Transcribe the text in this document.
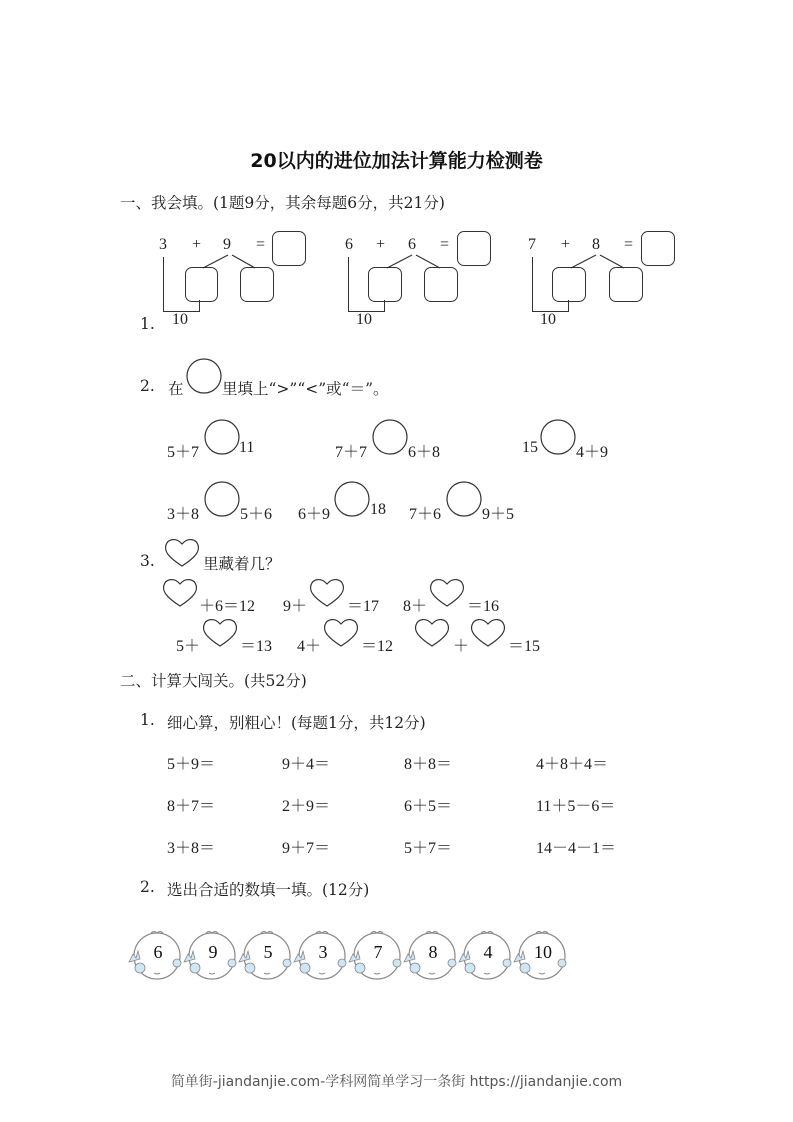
20以内的进位加法计算能力检测卷
一、我会填。(1题9分，其余每题6分，共21分)
1.
3 + 9 =
10
6 + 6 =
10
7 + 8 =
10
2. 在 里填上“>”“<”或“＝”。
5＋7 11	7＋7	6＋8	15 4＋9
3＋8	5＋6 6＋9 18 7＋6	9＋5
3.	里藏着几？
＋6＝12 9＋ ＝17 8＋ ＝16
5＋ ＝13 4＋ ＝12	＋ ＝15
二、计算大闯关。(共52分)
1. 细心算，别粗心！(每题1分，共12分)
5＋9＝	9＋4＝	8＋8＝	4＋8＋4＝
8＋7＝	2＋9＝	6＋5＝	11＋5－6＝
3＋8＝	9＋7＝	5＋7＝	14－4－1＝
2. 选出合适的数填一填。(12分)
6	9	5	3	7	8	4	10
简单街-jiandanjie.com-学科网简单学习一条街 https://jiandanjie.com
